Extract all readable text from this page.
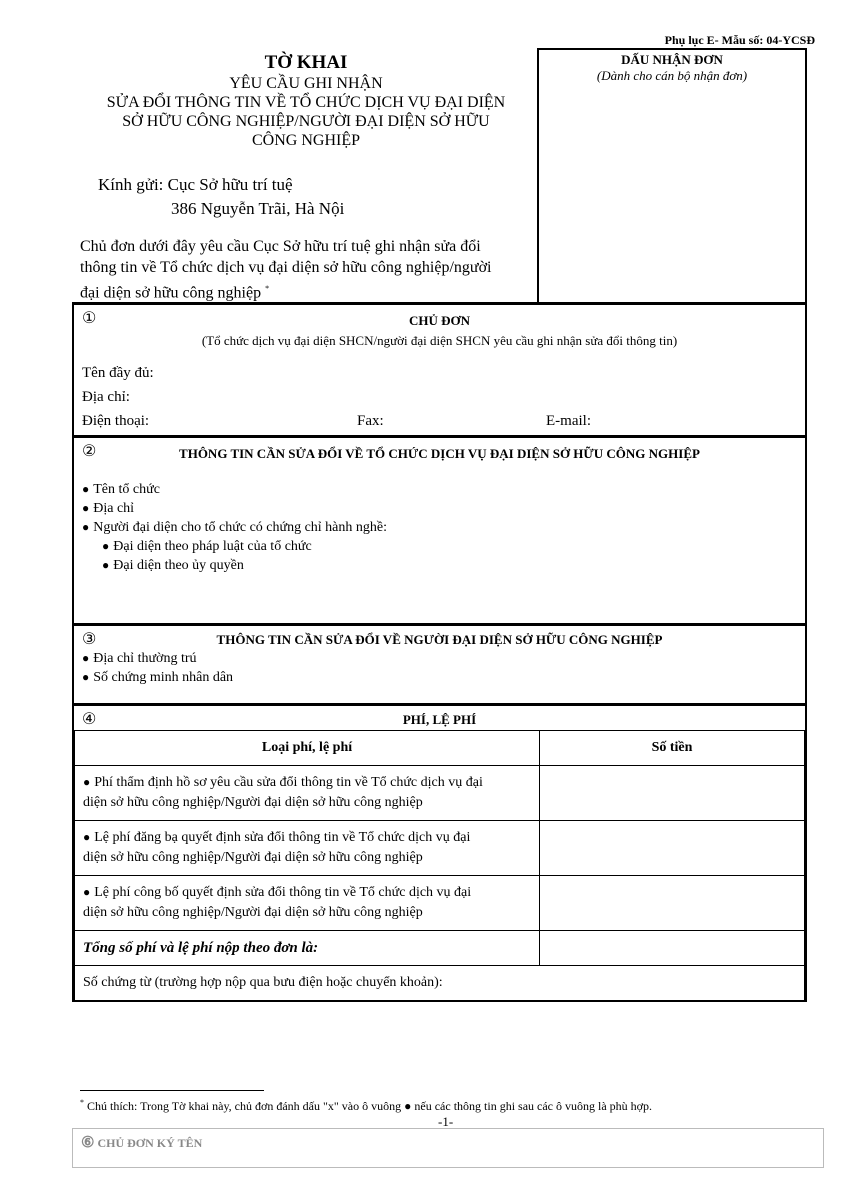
Phụ lục E- Mẫu số: 04-YCSĐ
DẤU NHẬN ĐƠN
(Dành cho cán bộ nhận đơn)
TỜ KHAI
YÊU CẦU GHI NHẬN
SỬA ĐỔI THÔNG TIN VỀ TỔ CHỨC DỊCH VỤ ĐẠI DIỆN
SỞ HỮU CÔNG NGHIỆP/NGƯỜI ĐẠI DIỆN SỞ HỮU
CÔNG NGHIỆP
Kính gửi: Cục Sở hữu trí tuệ
386 Nguyễn Trãi, Hà Nội
Chủ đơn dưới đây yêu cầu Cục Sở hữu trí tuệ ghi nhận sửa đổi
thông tin về Tổ chức dịch vụ đại diện sở hữu công nghiệp/người
đại diện sở hữu công nghiệp *
①	CHỦ ĐƠN
(Tổ chức dịch vụ đại diện SHCN/người đại diện SHCN yêu cầu ghi nhận sửa đổi thông tin)
Tên đầy đủ:
Địa chỉ:
Điện thoại:	Fax:	E-mail:
②	THÔNG TIN CẦN SỬA ĐỔI VỀ TỔ CHỨC DỊCH VỤ ĐẠI DIỆN SỞ HỮU CÔNG NGHIỆP
● Tên tổ chức
● Địa chỉ
● Người đại diện cho tổ chức có chứng chỉ hành nghề:
● Đại diện theo pháp luật của tổ chức
● Đại diện theo ủy quyền
③	THÔNG TIN CẦN SỬA ĐỔI VỀ NGƯỜI ĐẠI DIỆN SỞ HỮU CÔNG NGHIỆP
● Địa chỉ thường trú
● Số chứng minh nhân dân
④	PHÍ, LỆ PHÍ
Loại phí, lệ phí	Số tiền

● Phí thẩm định hồ sơ yêu cầu sửa đổi thông tin về Tổ chức dịch vụ đại
diện sở hữu công nghiệp/Người đại diện sở hữu công nghiệp	

● Lệ phí đăng bạ quyết định sửa đổi thông tin về Tổ chức dịch vụ đại
diện sở hữu công nghiệp/Người đại diện sở hữu công nghiệp	

● Lệ phí công bố quyết định sửa đổi thông tin về Tổ chức dịch vụ đại
diện sở hữu công nghiệp/Người đại diện sở hữu công nghiệp	

Tổng số phí và lệ phí nộp theo đơn là:	
Số chứng từ (trường hợp nộp qua bưu điện hoặc chuyển khoản):	
* Chú thích: Trong Tờ khai này, chủ đơn đánh dấu "x" vào ô vuông ● nếu các thông tin ghi sau các ô vuông là phù hợp.
-1-
⑥ CHỦ ĐƠN KÝ TÊN
